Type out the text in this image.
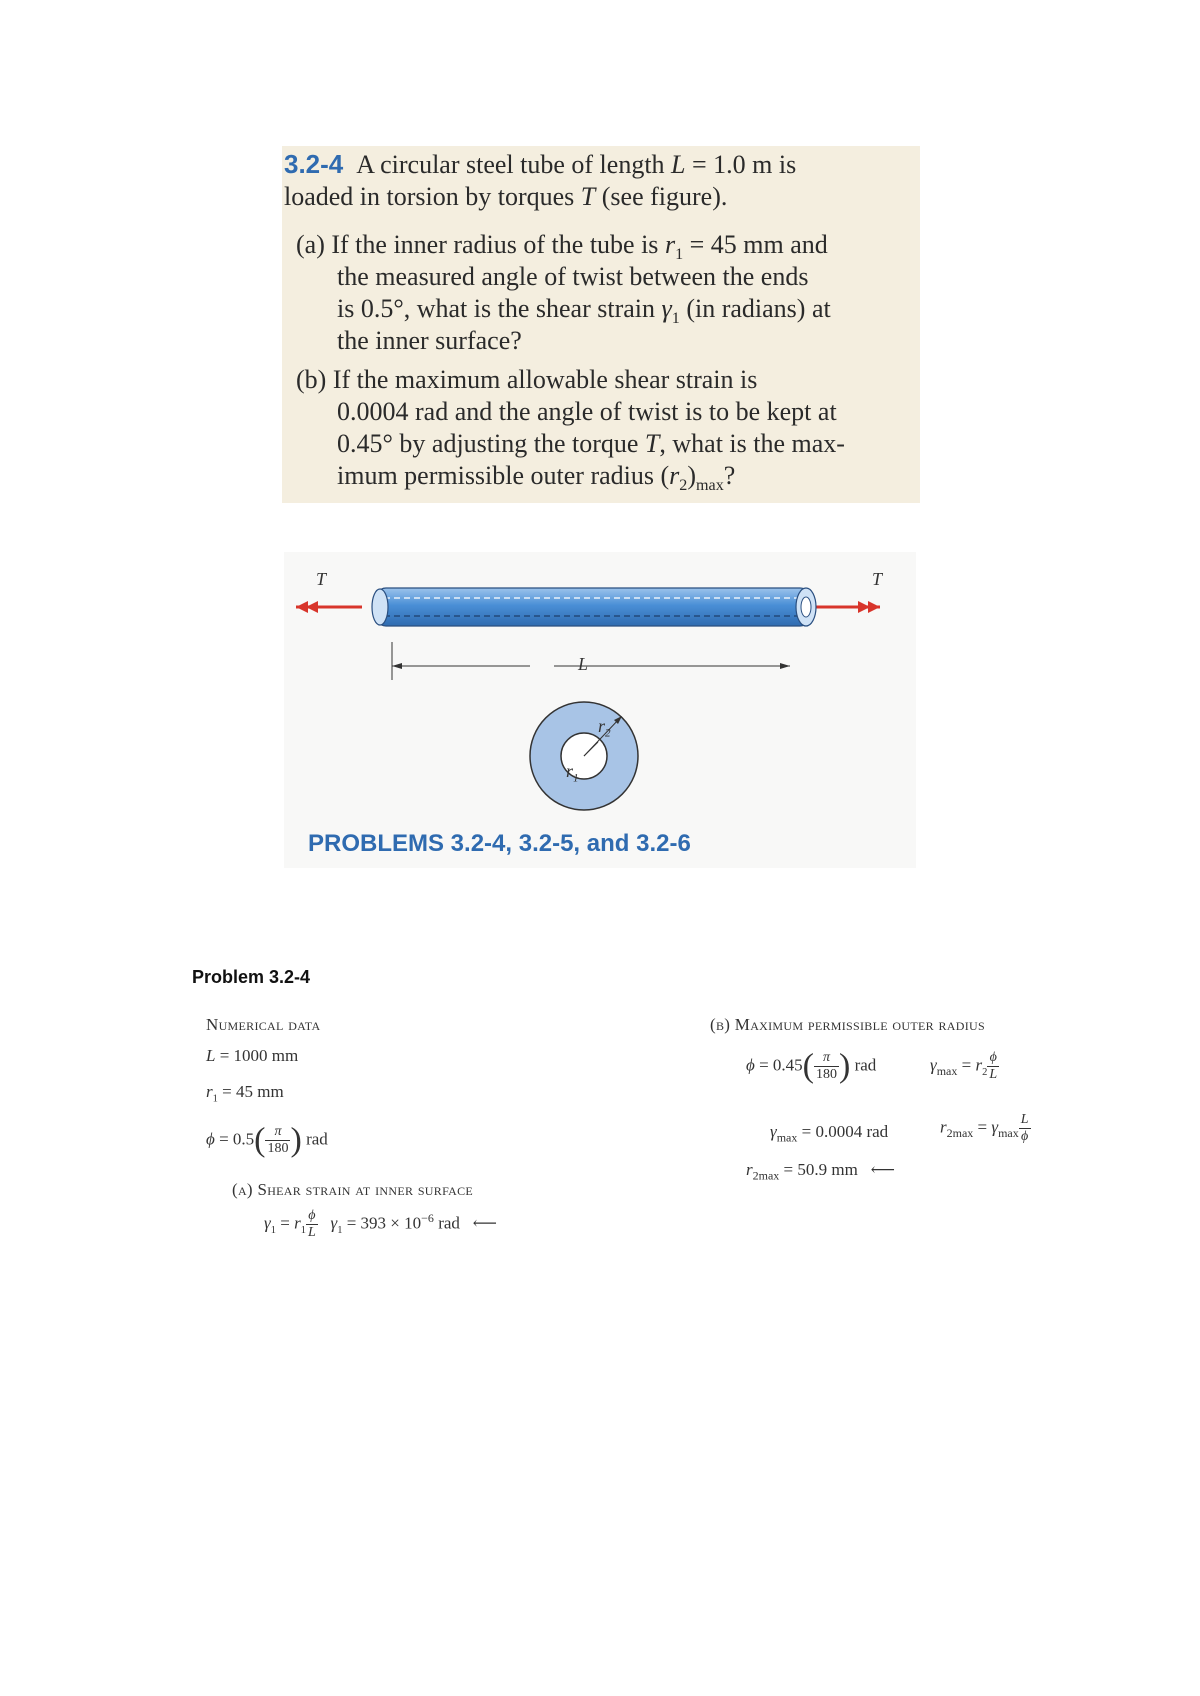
3.2-4 A circular steel tube of length L = 1.0 m is
loaded in torsion by torques T (see figure).
(a) If the inner radius of the tube is $r_1 = 45$ mm and
the measured angle of twist between the ends
is 0.5°, what is the shear strain $\gamma_1$ (in radians) at
the inner surface?
(b) If the maximum allowable shear strain is
0.0004 rad and the angle of twist is to be kept at
0.45° by adjusting the torque T, what is the max-
imum permissible outer radius $(r_2)_{max}$?
T	T
L
$r_2$
$r_1$
PROBLEMS 3.2-4, 3.2-5, and 3.2-6
Problem 3.2-4
Numerical data
L = 1000 mm
$r_1 = 45$ mm
$\phi = 0.5( \frac{\pi}{180}$ ) rad
(a) Shear strain at inner surface
$\gamma_1 = r_1 \frac{\phi}{L} \gamma_1 = 393 \times 10^{-6}$ rad ⟵
(b) Maximum permissible outer radius
$\phi = 0.45( \frac{\pi}{180}$ ) rad	$\gamma_{max} = r_2 \frac{\phi}{L}$
$\gamma_{max} = 0.0004$ rad	$r_{2max} = \gamma_{max} \frac{L}{\phi}$
$r_{2max} = 50.9$ mm ⟵
